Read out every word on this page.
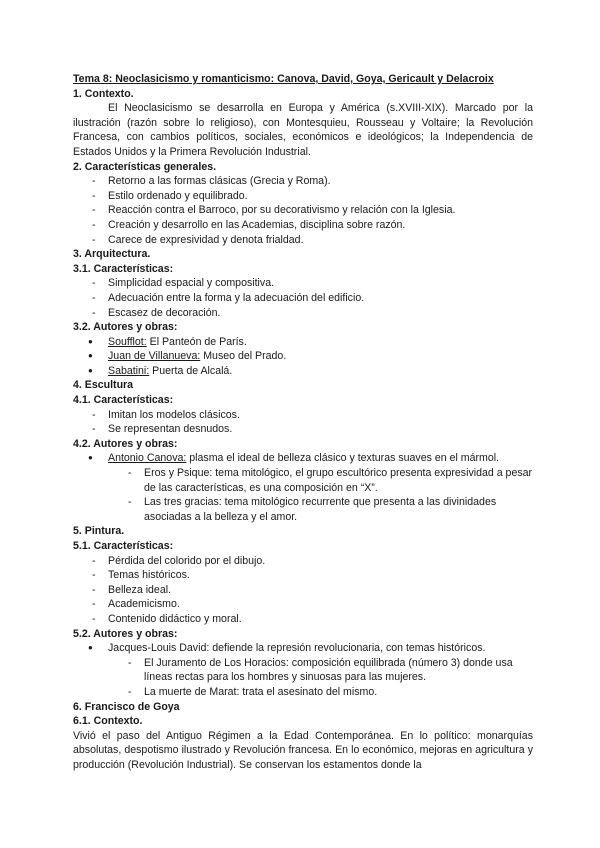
Tema 8: Neoclasicismo y romanticismo: Canova, David, Goya, Gericault y Delacroix

1. Contexto.

El Neoclasicismo se desarrolla en Europa y América (s.XVIII-XIX). Marcado por la ilustración (razón sobre lo religioso), con Montesquieu, Rousseau y Voltaire; la Revolución Francesa, con cambios políticos, sociales, económicos e ideológicos; la Independencia de Estados Unidos y la Primera Revolución Industrial.

2. Características generales.

- Retorno a las formas clásicas (Grecia y Roma).
- Estilo ordenado y equilibrado.
- Reacción contra el Barroco, por su decorativismo y relación con la Iglesia.
- Creación y desarrollo en las Academias, disciplina sobre razón.
- Carece de expresividad y denota frialdad.

3. Arquitectura.

3.1. Características:

- Simplicidad espacial y compositiva.
- Adecuación entre la forma y la adecuación del edificio.
- Escasez de decoración.

3.2. Autores y obras:

● Soufflot: El Panteón de París.
● Juan de Villanueva: Museo del Prado.
● Sabatini: Puerta de Alcalá.

4. Escultura

4.1. Características:

- Imitan los modelos clásicos.
- Se representan desnudos.

4.2. Autores y obras:

● Antonio Canova: plasma el ideal de belleza clásico y texturas suaves en el mármol.
- Eros y Psique: tema mitológico, el grupo escultórico presenta expresividad a pesar de las características, es una composición en “X”.
- Las tres gracias: tema mitológico recurrente que presenta a las divinidades asociadas a la belleza y el amor.

5. Pintura.

5.1. Características:

- Pérdida del colorido por el dibujo.
- Temas históricos.
- Belleza ideal.
- Academicismo.
- Contenido didáctico y moral.

5.2. Autores y obras:

● Jacques-Louis David: defiende la represión revolucionaria, con temas históricos.
- El Juramento de Los Horacios: composición equilibrada (número 3) donde usa líneas rectas para los hombres y sinuosas para las mujeres.
- La muerte de Marat: trata el asesinato del mismo.

6. Francisco de Goya

6.1. Contexto.

Vivió el paso del Antiguo Régimen a la Edad Contemporánea. En lo político: monarquías absolutas, despotismo ilustrado y Revolución francesa. En lo económico, mejoras en agricultura y producción (Revolución Industrial). Se conservan los estamentos donde la
